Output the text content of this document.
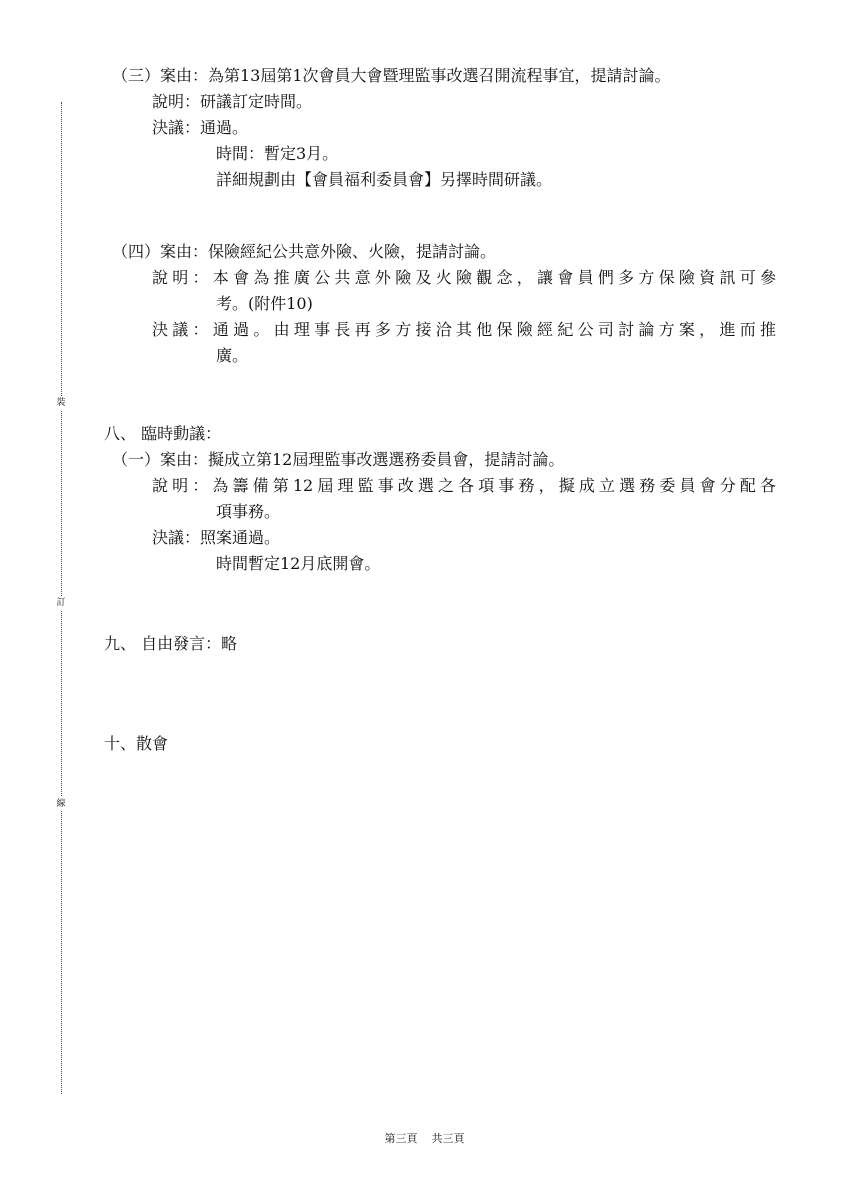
裝
訂
線
（三）案由：為第13屆第1次會員大會暨理監事改選召開流程事宜，提請討論。
說明：研議訂定時間。
決議：通過。
時間：暫定3月。
詳細規劃由【會員福利委員會】另擇時間研議。
（四）案由：保險經紀公共意外險、火險，提請討論。
說明：本會為推廣公共意外險及火險觀念，讓會員們多方保險資訊可參
考。(附件10)
決議：通過。由理事長再多方接洽其他保險經紀公司討論方案，進而推
廣。
八、 臨時動議：
（一）案由：擬成立第12屆理監事改選選務委員會，提請討論。
說明：為籌備第12屆理監事改選之各項事務，擬成立選務委員會分配各
項事務。
決議：照案通過。
時間暫定12月底開會。
九、 自由發言：略
十、散會
第三頁 共三頁
